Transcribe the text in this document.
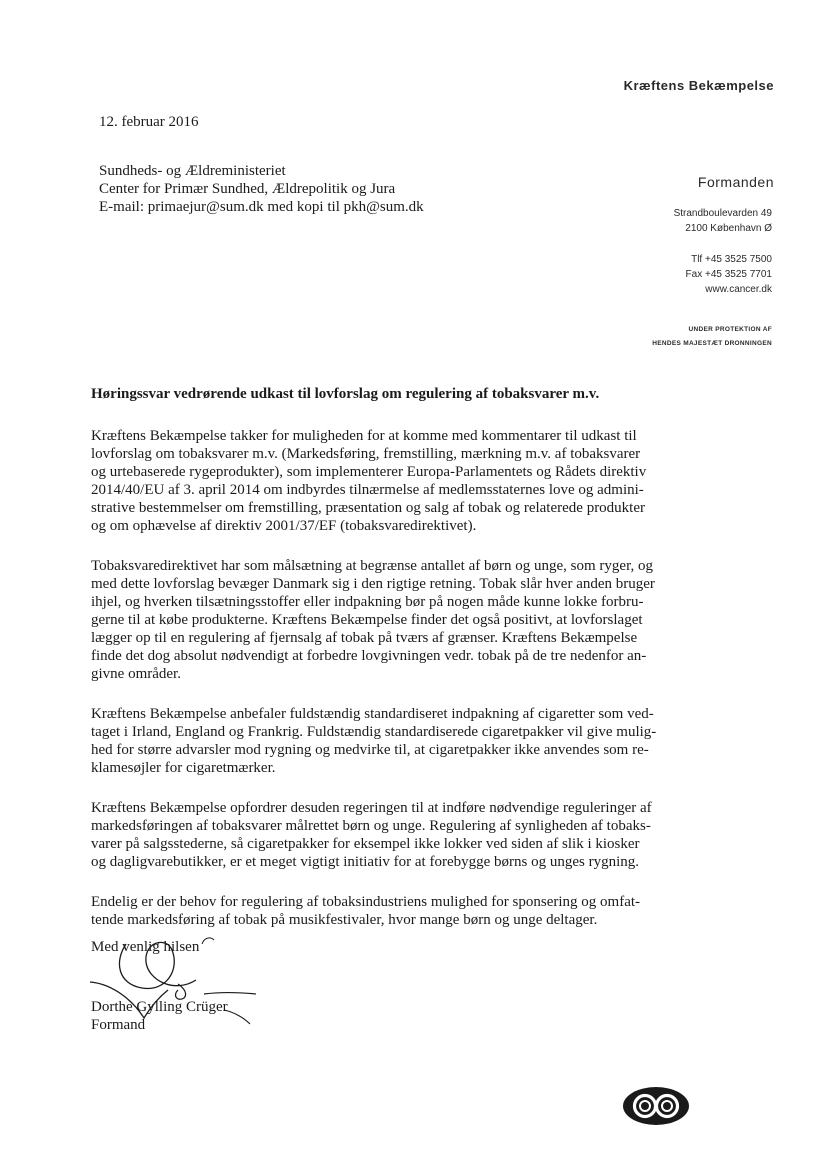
Kræftens Bekæmpelse
12. februar 2016
Sundheds- og Ældreministeriet
Center for Primær Sundhed, Ældrepolitik og Jura
E-mail: primaejur@sum.dk med kopi til pkh@sum.dk
Formanden
Strandboulevarden 49
2100 København Ø
Tlf +45 3525 7500
Fax +45 3525 7701
www.cancer.dk
UNDER PROTEKTION AF
HENDES MAJESTÆT DRONNINGEN
Høringssvar vedrørende udkast til lovforslag om regulering af tobaksvarer m.v.

Kræftens Bekæmpelse takker for muligheden for at komme med kommentarer til udkast til
lovforslag om tobaksvarer m.v. (Markedsføring, fremstilling, mærkning m.v. af tobaksvarer
og urtebaserede rygeprodukter), som implementerer Europa-Parlamentets og Rådets direktiv
2014/40/EU af 3. april 2014 om indbyrdes tilnærmelse af medlemsstaternes love og admini-
strative bestemmelser om fremstilling, præsentation og salg af tobak og relaterede produkter
og om ophævelse af direktiv 2001/37/EF (tobaksvaredirektivet).

Tobaksvaredirektivet har som målsætning at begrænse antallet af børn og unge, som ryger, og
med dette lovforslag bevæger Danmark sig i den rigtige retning. Tobak slår hver anden bruger
ihjel, og hverken tilsætningsstoffer eller indpakning bør på nogen måde kunne lokke forbru-
gerne til at købe produkterne. Kræftens Bekæmpelse finder det også positivt, at lovforslaget
lægger op til en regulering af fjernsalg af tobak på tværs af grænser. Kræftens Bekæmpelse
finde det dog absolut nødvendigt at forbedre lovgivningen vedr. tobak på de tre nedenfor an-
givne områder.

Kræftens Bekæmpelse anbefaler fuldstændig standardiseret indpakning af cigaretter som ved-
taget i Irland, England og Frankrig. Fuldstændig standardiserede cigaretpakker vil give mulig-
hed for større advarsler mod rygning og medvirke til, at cigaretpakker ikke anvendes som re-
klamesøjler for cigaretmærker.

Kræftens Bekæmpelse opfordrer desuden regeringen til at indføre nødvendige reguleringer af
markedsføringen af tobaksvarer målrettet børn og unge. Regulering af synligheden af tobaks-
varer på salgsstederne, så cigaretpakker for eksempel ikke lokker ved siden af slik i kiosker
og dagligvarebutikker, er et meget vigtigt initiativ for at forebygge børns og unges rygning.

Endelig er der behov for regulering af tobaksindustriens mulighed for sponsering og omfat-
tende markedsføring af tobak på musikfestivaler, hvor mange børn og unge deltager.

Med venlig hilsen
Dorthe Gylling Crüger
Formand
